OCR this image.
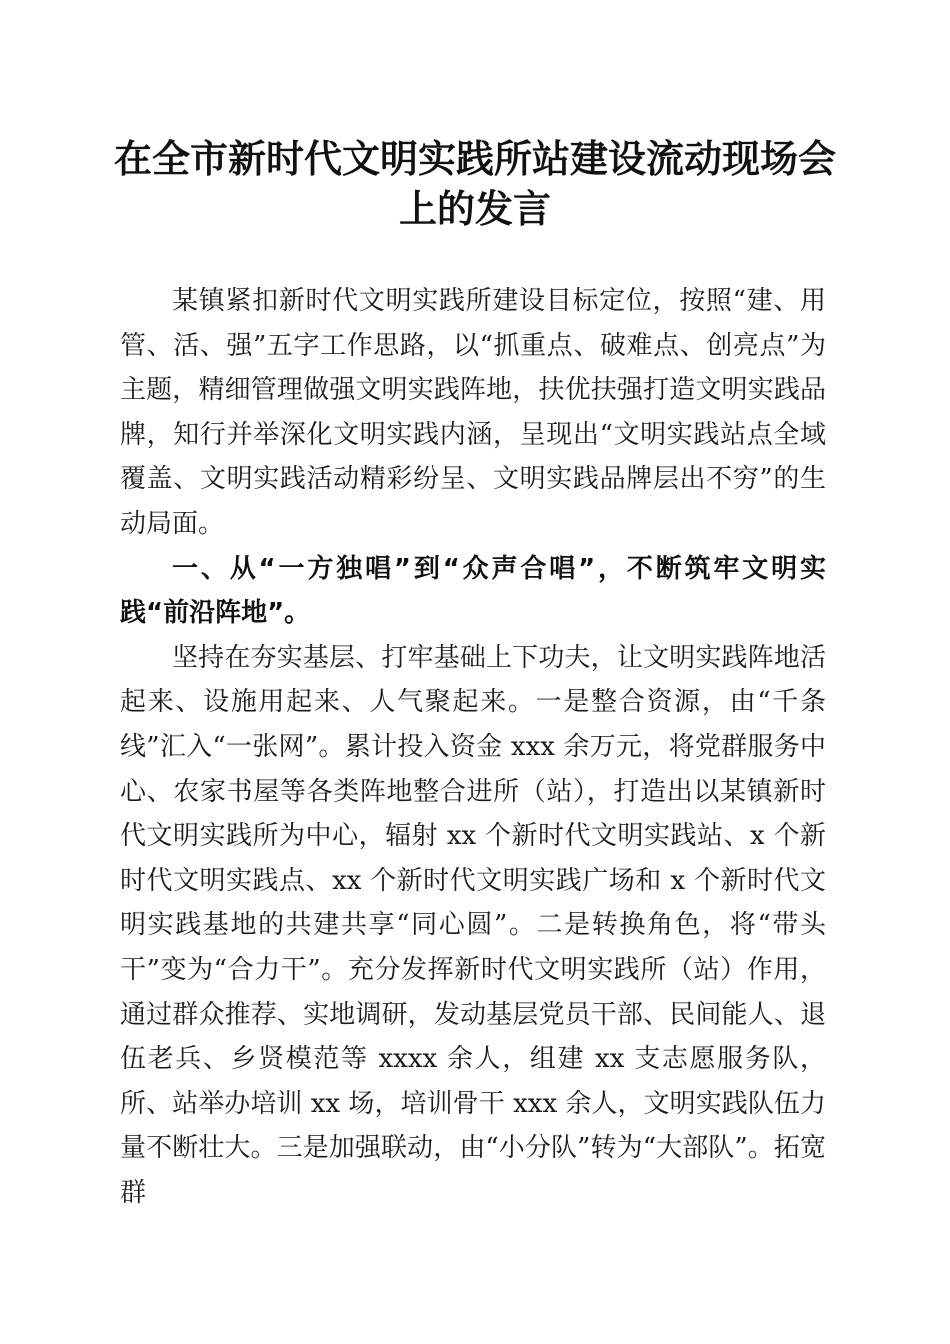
在全市新时代文明实践所站建设流动现场会上的发言

某镇紧扣新时代文明实践所建设目标定位，按照“建、用管、活、强”五字工作思路，以“抓重点、破难点、创亮点”为主题，精细管理做强文明实践阵地，扶优扶强打造文明实践品牌，知行并举深化文明实践内涵，呈现出“文明实践站点全域覆盖、文明实践活动精彩纷呈、文明实践品牌层出不穷”的生动局面。

一、从“一方独唱”到“众声合唱”，不断筑牢文明实践“前沿阵地”。

坚持在夯实基层、打牢基础上下功夫，让文明实践阵地活起来、设施用起来、人气聚起来。一是整合资源，由“千条线”汇入“一张网”。累计投入资金 xxx 余万元，将党群服务中心、农家书屋等各类阵地整合进所（站），打造出以某镇新时代文明实践所为中心，辐射 xx 个新时代文明实践站、x 个新时代文明实践点、xx 个新时代文明实践广场和 x 个新时代文明实践基地的共建共享“同心圆”。二是转换角色，将“带头干”变为“合力干”。充分发挥新时代文明实践所（站）作用，通过群众推荐、实地调研，发动基层党员干部、民间能人、退伍老兵、乡贤模范等 xxxx 余人，组建 xx 支志愿服务队，所、站举办培训 xx 场，培训骨干 xxx 余人，文明实践队伍力量不断壮大。三是加强联动，由“小分队”转为“大部队”。拓宽群
